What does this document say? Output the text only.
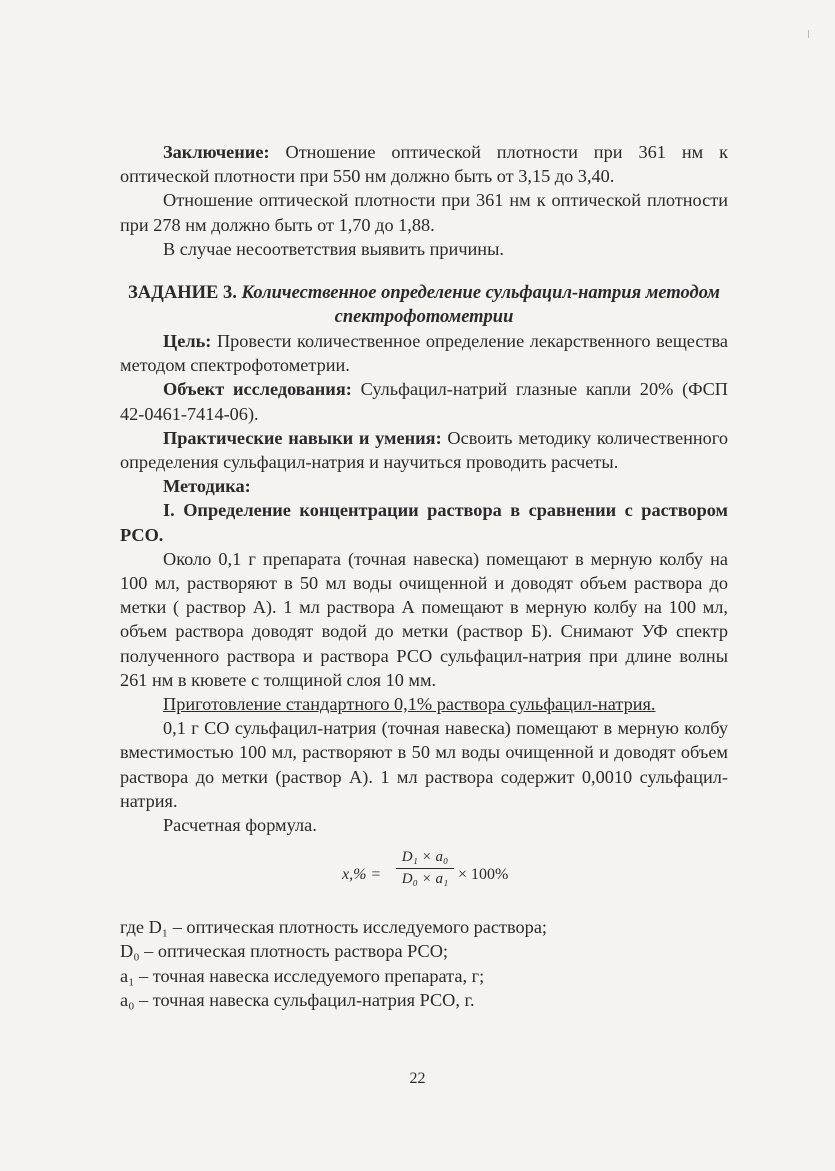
Заключение: Отношение оптической плотности при 361 нм к оптической плотности при 550 нм должно быть от 3,15 до 3,40.

Отношение оптической плотности при 361 нм к оптической плотности при 278 нм должно быть от 1,70 до 1,88.

В случае несоответствия выявить причины.

ЗАДАНИЕ 3. Количественное определение сульфацил-натрия методом спектрофотометрии

Цель: Провести количественное определение лекарственного вещества методом спектрофотометрии.

Объект исследования: Сульфацил-натрий глазные капли 20% (ФСП 42-0461-7414-06).

Практические навыки и умения: Освоить методику количественного определения сульфацил-натрия и научиться проводить расчеты.

Методика:

I. Определение концентрации раствора в сравнении с раствором РСО.

Около 0,1 г препарата (точная навеска) помещают в мерную колбу на 100 мл, растворяют в 50 мл воды очищенной и доводят объем раствора до метки ( раствор А). 1 мл раствора А помещают в мерную колбу на 100 мл, объем раствора доводят водой до метки (раствор Б). Снимают УФ спектр полученного раствора и раствора РСО сульфацил-натрия при длине волны 261 нм в кювете с толщиной слоя 10 мм.

Приготовление стандартного 0,1% раствора сульфацил-натрия.

0,1 г СО сульфацил-натрия (точная навеска) помещают в мерную колбу вместимостью 100 мл, растворяют в 50 мл воды очищенной и доводят объем раствора до метки (раствор А). 1 мл раствора содержит 0,0010 сульфацил-натрия.

Расчетная формула.

$x,\% = \frac{\text{D₁ × a₀}}{\text{D₀ × a₁}} \times 100\%$

где D₁ – оптическая плотность исследуемого раствора;

D₀ – оптическая плотность раствора РСО;

a₁ – точная навеска исследуемого препарата, г;

a₀ – точная навеска сульфацил-натрия РСО, г.

22
